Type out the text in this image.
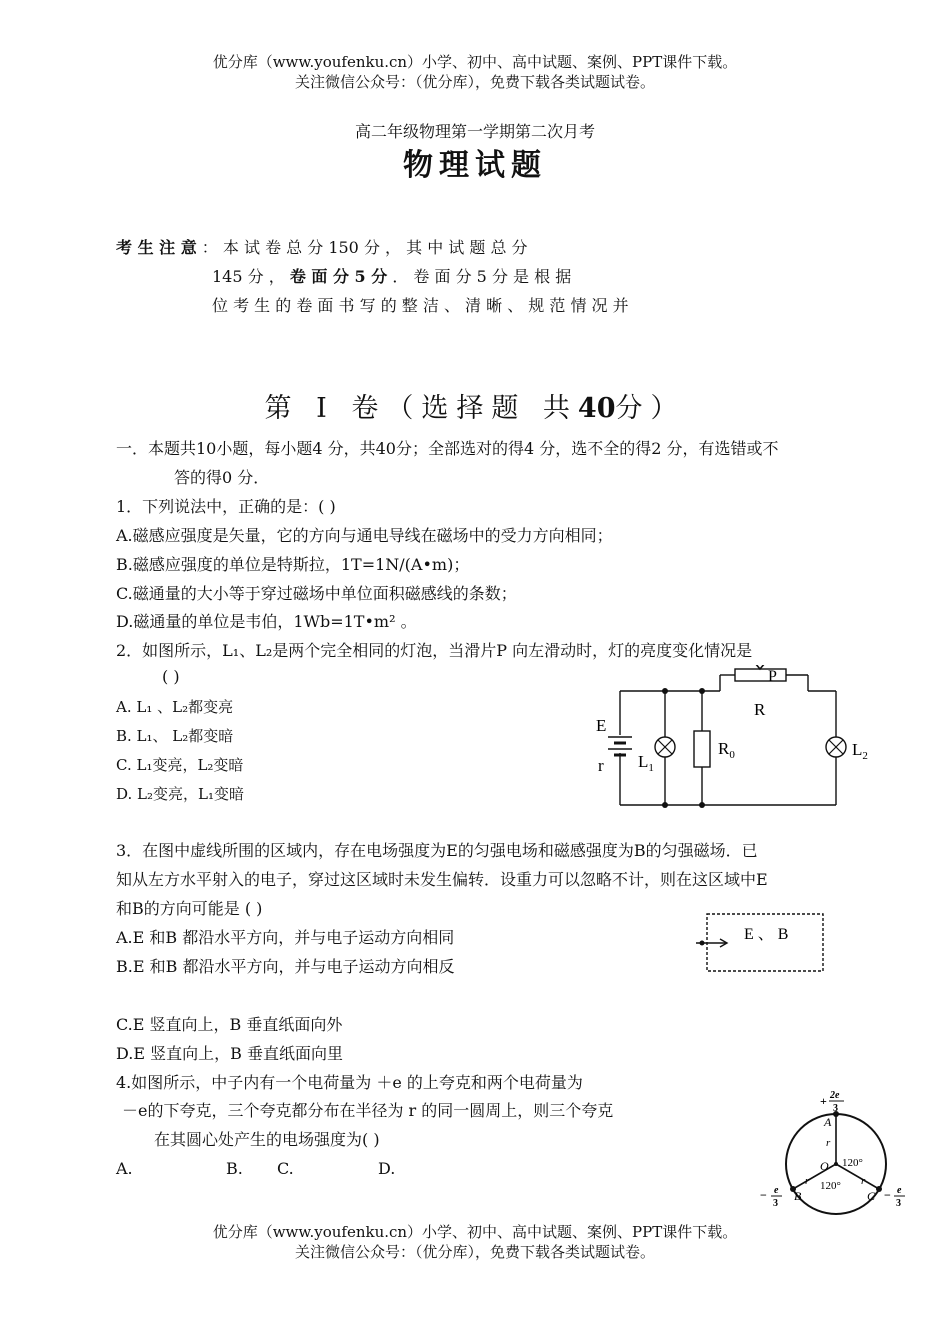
优分库（www.youfenku.cn）小学、初中、高中试题、案例、PPT课件下载。
关注微信公众号：（优分库），免费下载各类试题试卷。
高二年级物理第一学期第二次月考
物理试题
考 生 注 意 ： 本 试 卷 总 分 150 分 ， 其 中 试 题 总 分
145 分 ， 卷 面 分 5 分 ． 卷 面 分 5 分 是 根 据
位 考 生 的 卷 面 书 写 的 整 洁 、 清 晰 、 规 范 情 况 并
第 Ⅰ 卷（选择题 共40分）
一．本题共10小题，每小题4 分，共40分；全部选对的得4 分，选不全的得2 分，有选错或不
答的得0 分．
1．下列说法中，正确的是：( )
A.磁感应强度是矢量，它的方向与通电导线在磁场中的受力方向相同；
B.磁感应强度的单位是特斯拉，1T=1N/(A•m)；
C.磁通量的大小等于穿过磁场中单位面积磁感线的条数；
D.磁通量的单位是韦伯，1Wb=1T•m² 。
2．如图所示，L₁、L₂是两个完全相同的灯泡，当滑片P 向左滑动时，灯的亮度变化情况是
( )
A. L₁ 、L₂都变亮
B. L₁、 L₂都变暗
C. L₁变亮，L₂变暗
D. L₂变亮，L₁变暗
P
R
E
r $L_1$
$R_0$	$L_2$
3．在图中虚线所围的区域内，存在电场强度为E的匀强电场和磁感强度为B的匀强磁场．已
知从左方水平射入的电子，穿过这区域时未发生偏转．设重力可以忽略不计，则在这区域中E
和B的方向可能是 ( )
A.E 和B 都沿水平方向，并与电子运动方向相同
B.E 和B 都沿水平方向，并与电子运动方向相反
C.E 竖直向上，B 垂直纸面向外
D.E 竖直向上，B 垂直纸面向里
E 、 B
4.如图所示，中子内有一个电荷量为 ＋e 的上夸克和两个电荷量为
－e的下夸克，三个夸克都分布在半径为 r 的同一圆周上，则三个夸克
在其圆心处产生的电场强度为( )
A.	B. C.	D.
+ 2e
3
− e
3
− e
3
A
B	C
O
r
r	r
120°
120°
优分库（www.youfenku.cn）小学、初中、高中试题、案例、PPT课件下载。
关注微信公众号：（优分库），免费下载各类试题试卷。
